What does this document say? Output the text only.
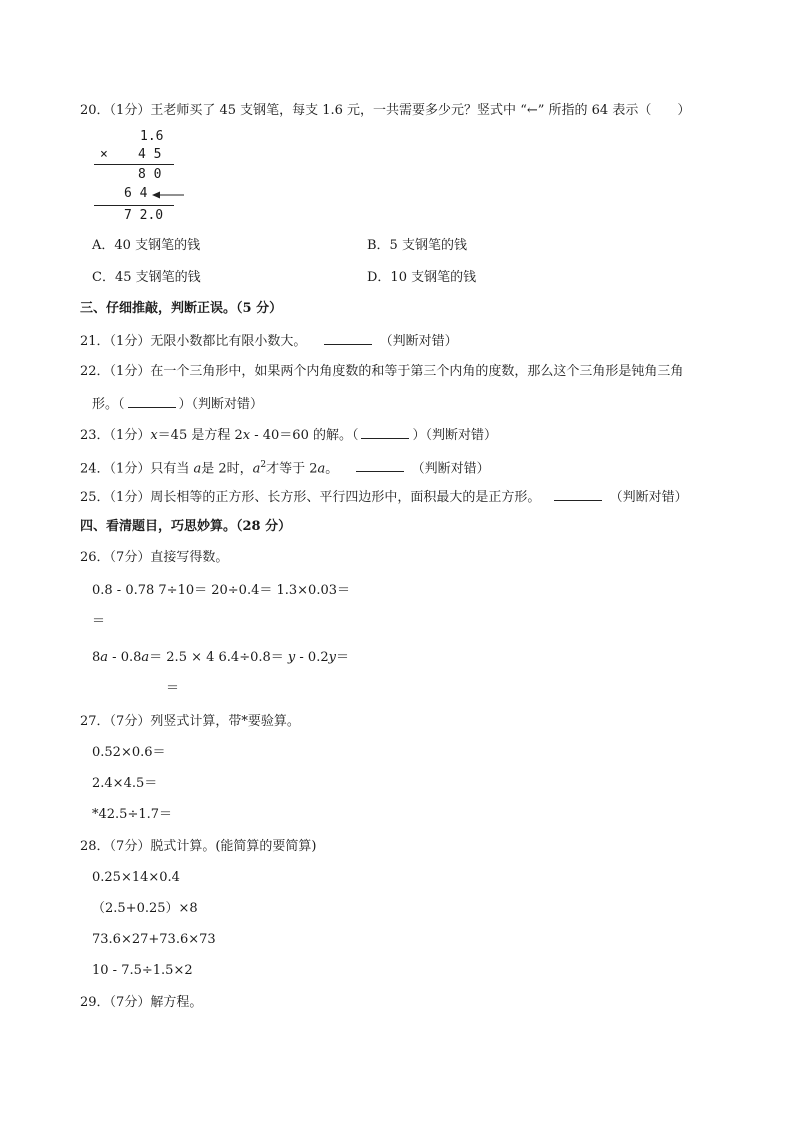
20．（1分）王老师买了 45 支钢笔，每支 1.6 元，一共需要多少元？竖式中 “←” 所指的 64 表示（　　）
1.6
× 4 5
8 0
6 4
7 2.0
A．40 支钢笔的钱	B．5 支钢笔的钱
C．45 支钢笔的钱	D．10 支钢笔的钱
三、仔细推敲，判断正误。（5 分）
21．（1分）无限小数都比有限小数大。	（判断对错）
22．（1分）在一个三角形中，如果两个内角度数的和等于第三个内角的度数，那么这个三角形是钝角三角
形。（	）（判断对错）
23．（1分）x＝45 是方程 2x - 40＝60 的解。（	）（判断对错）
24．（1分）只有当 a是 2时，$a^2$才等于 2a。	（判断对错）
25．（1分）周长相等的正方形、长方形、平行四边形中，面积最大的是正方形。	（判断对错）
四、看清题目，巧思妙算。（28 分）
26．（7分）直接写得数。
0.8 ‐ 0.78 7÷10＝ 20÷0.4＝ 1.3×0.03＝
＝
8a - 0.8a＝ 2.5 × 4 6.4÷0.8＝ y - 0.2y＝
＝
27．（7分）列竖式计算，带*要验算。
0.52×0.6＝
2.4×4.5＝
*42.5÷1.7＝
28．（7分）脱式计算。(能简算的要简算)
0.25×14×0.4
（2.5+0.25）×8
73.6×27+73.6×73
10 - 7.5÷1.5×2
29．（7分）解方程。
